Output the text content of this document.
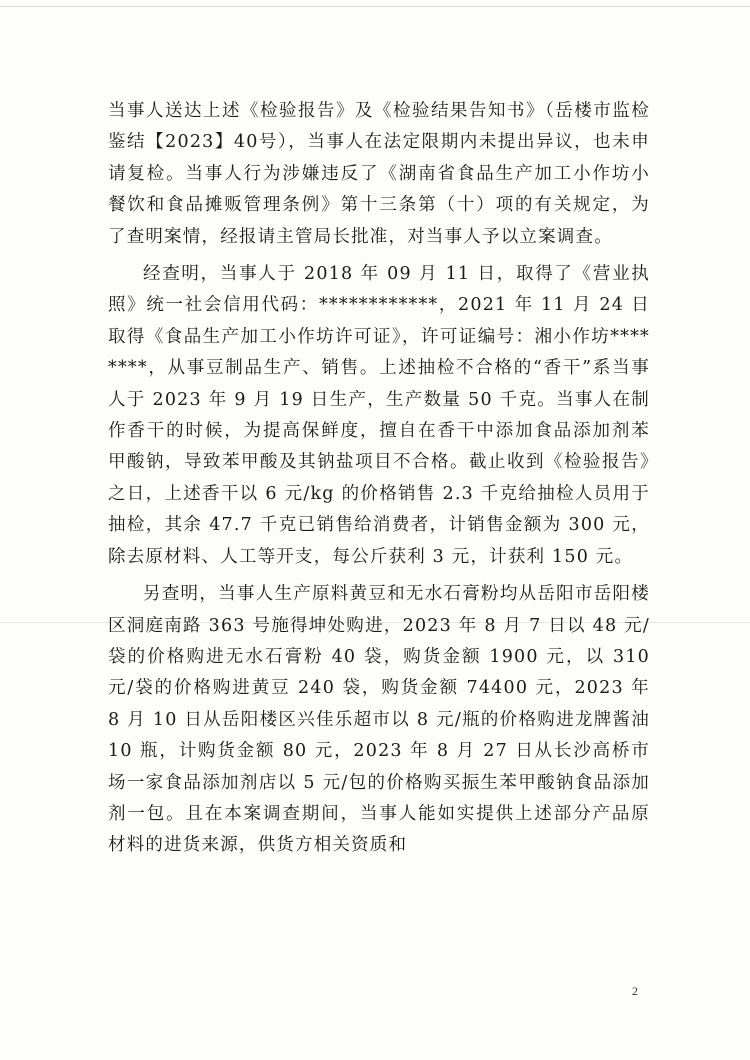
当事人送达上述《检验报告》及《检验结果告知书》（岳楼市监检鉴结【2023】40号），当事人在法定限期内未提出异议，也未申请复检。当事人行为涉嫌违反了《湖南省食品生产加工小作坊小餐饮和食品摊贩管理条例》第十三条第（十）项的有关规定，为了查明案情，经报请主管局长批准，对当事人予以立案调查。

经查明，当事人于 2018 年 09 月 11 日，取得了《营业执照》统一社会信用代码：************，2021 年 11 月 24 日取得《食品生产加工小作坊许可证》，许可证编号：湘小作坊********，从事豆制品生产、销售。上述抽检不合格的“香干”系当事人于 2023 年 9 月 19 日生产，生产数量 50 千克。当事人在制作香干的时候，为提高保鲜度，擅自在香干中添加食品添加剂苯甲酸钠，导致苯甲酸及其钠盐项目不合格。截止收到《检验报告》之日，上述香干以 6 元/kg 的价格销售 2.3 千克给抽检人员用于抽检，其余 47.7 千克已销售给消费者，计销售金额为 300 元，除去原材料、人工等开支，每公斤获利 3 元，计获利 150 元。

另查明，当事人生产原料黄豆和无水石膏粉均从岳阳市岳阳楼区洞庭南路 363 号施得坤处购进，2023 年 8 月 7 日以 48 元/袋的价格购进无水石膏粉 40 袋，购货金额 1900 元，以 310 元/袋的价格购进黄豆 240 袋，购货金额 74400 元，2023 年 8 月 10 日从岳阳楼区兴佳乐超市以 8 元/瓶的价格购进龙牌酱油 10 瓶，计购货金额 80 元，2023 年 8 月 27 日从长沙高桥市场一家食品添加剂店以 5 元/包的价格购买振生苯甲酸钠食品添加剂一包。且在本案调查期间，当事人能如实提供上述部分产品原材料的进货来源，供货方相关资质和

2
